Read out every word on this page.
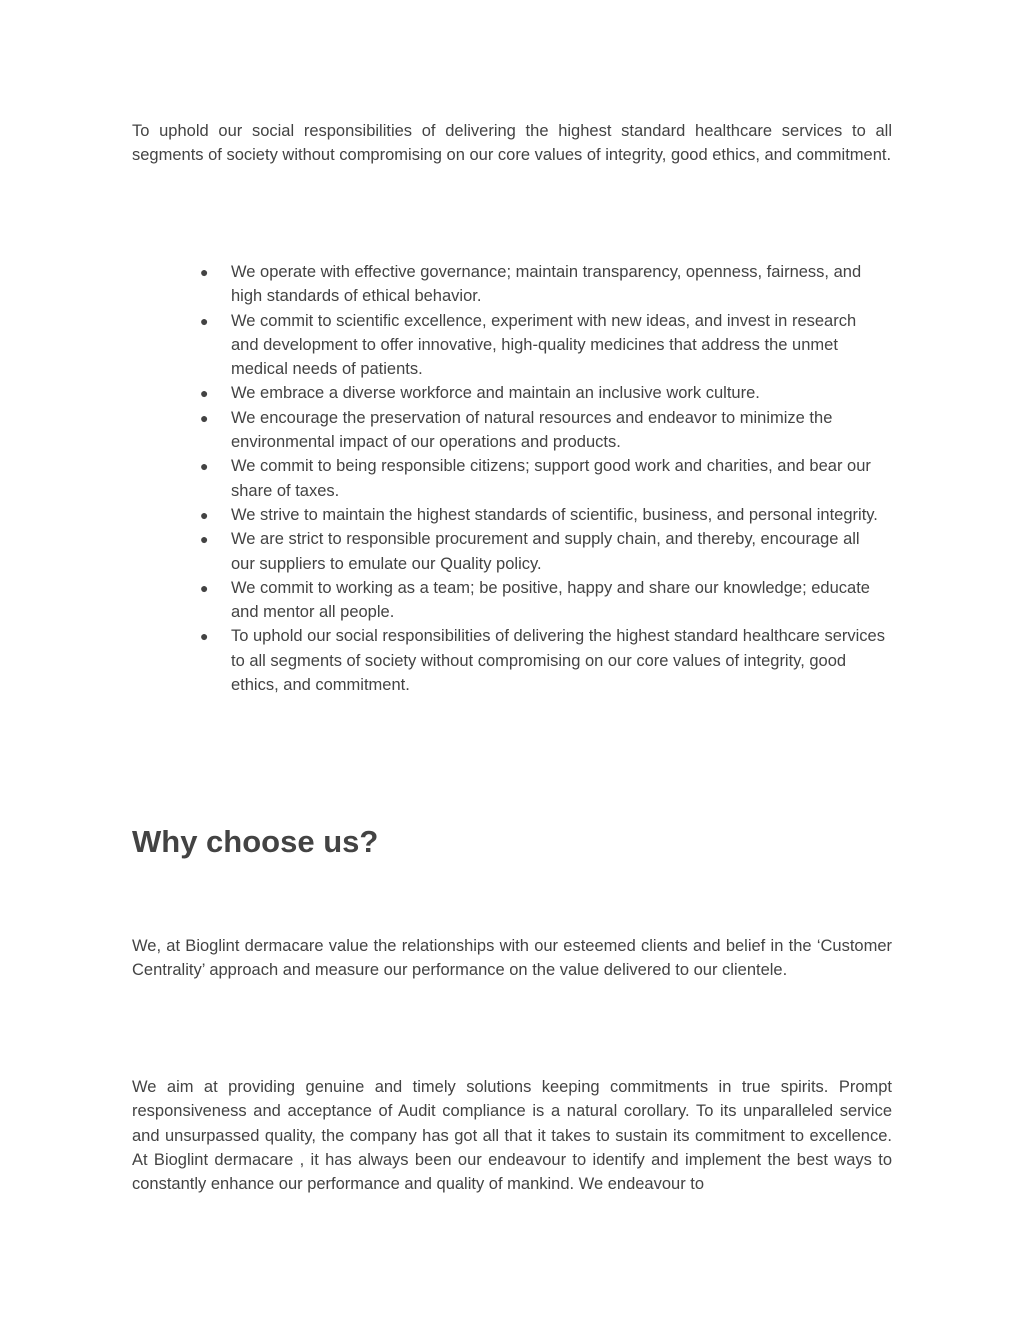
To uphold our social responsibilities of delivering the highest standard healthcare services to all segments of society without compromising on our core values of integrity, good ethics, and commitment.

● We operate with effective governance; maintain transparency, openness, fairness, and high standards of ethical behavior.
● We commit to scientific excellence, experiment with new ideas, and invest in research and development to offer innovative, high-quality medicines that address the unmet medical needs of patients.
● We embrace a diverse workforce and maintain an inclusive work culture.
● We encourage the preservation of natural resources and endeavor to minimize the environmental impact of our operations and products.
● We commit to being responsible citizens; support good work and charities, and bear our share of taxes.
● We strive to maintain the highest standards of scientific, business, and personal integrity.
● We are strict to responsible procurement and supply chain, and thereby, encourage all our suppliers to emulate our Quality policy.
● We commit to working as a team; be positive, happy and share our knowledge; educate and mentor all people.
● To uphold our social responsibilities of delivering the highest standard healthcare services to all segments of society without compromising on our core values of integrity, good ethics, and commitment.
Why choose us?

We, at Bioglint dermacare value the relationships with our esteemed clients and belief in the ‘Customer Centrality’ approach and measure our performance on the value delivered to our clientele.

We aim at providing genuine and timely solutions keeping commitments in true spirits. Prompt responsiveness and acceptance of Audit compliance is a natural corollary. To its unparalleled service and unsurpassed quality, the company has got all that it takes to sustain its commitment to excellence. At Bioglint dermacare , it has always been our endeavour to identify and implement the best ways to constantly enhance our performance and quality of mankind. We endeavour to
